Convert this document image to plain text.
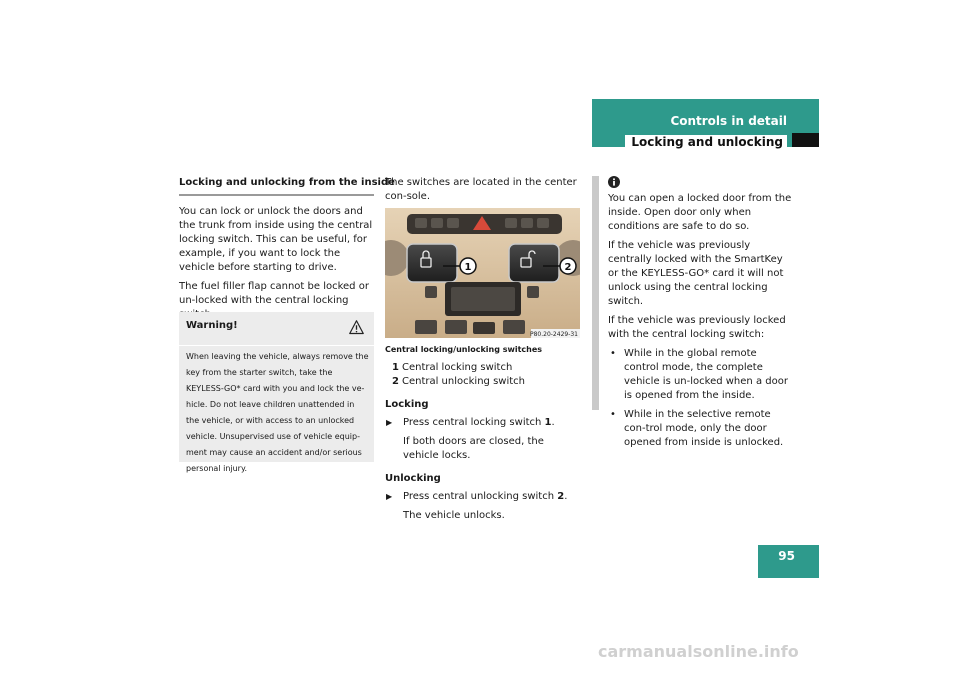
Controls in detail
Locking and unlocking
Locking and unlocking from the inside

You can lock or unlock the doors and the trunk from inside using the central locking switch. This can be useful, for example, if you want to lock the vehicle before starting to drive.

The fuel filler flap cannot be locked or un-locked with the central locking

Warning!
When leaving the vehicle, always remove the key from the starter switch, take the KEYLESS-GO* card with you and lock the ve-hicle. Do not leave children unattended in the vehicle, or with access to an unlocked vehicle. Unsupervised use of vehicle equip-ment may cause an accident and/or serious personal injury.

The switches are located in the center con-sole.

1	2
P80.20-2429-31
Central locking/unlocking switches
1 Central locking switch
2 Central unlocking switch
Locking
▶ Press central locking switch 1.

If both doors are closed, the vehicle locks.

Unlocking
▶ Press central unlocking switch 2.

The vehicle unlocks.

You can open a locked door from the inside. Open door only when conditions are safe to do so.

If the vehicle was previously centrally locked with the SmartKey or the KEYLESS-GO* card it will not unlock using the central locking switch.

If the vehicle was previously locked with the central locking switch:

• While in the global remote control mode, the complete vehicle is un-locked when a door is opened from the inside.
• While in the selective remote con-trol mode, only the door opened from inside is unlocked.
95
carmanualsonline.info
